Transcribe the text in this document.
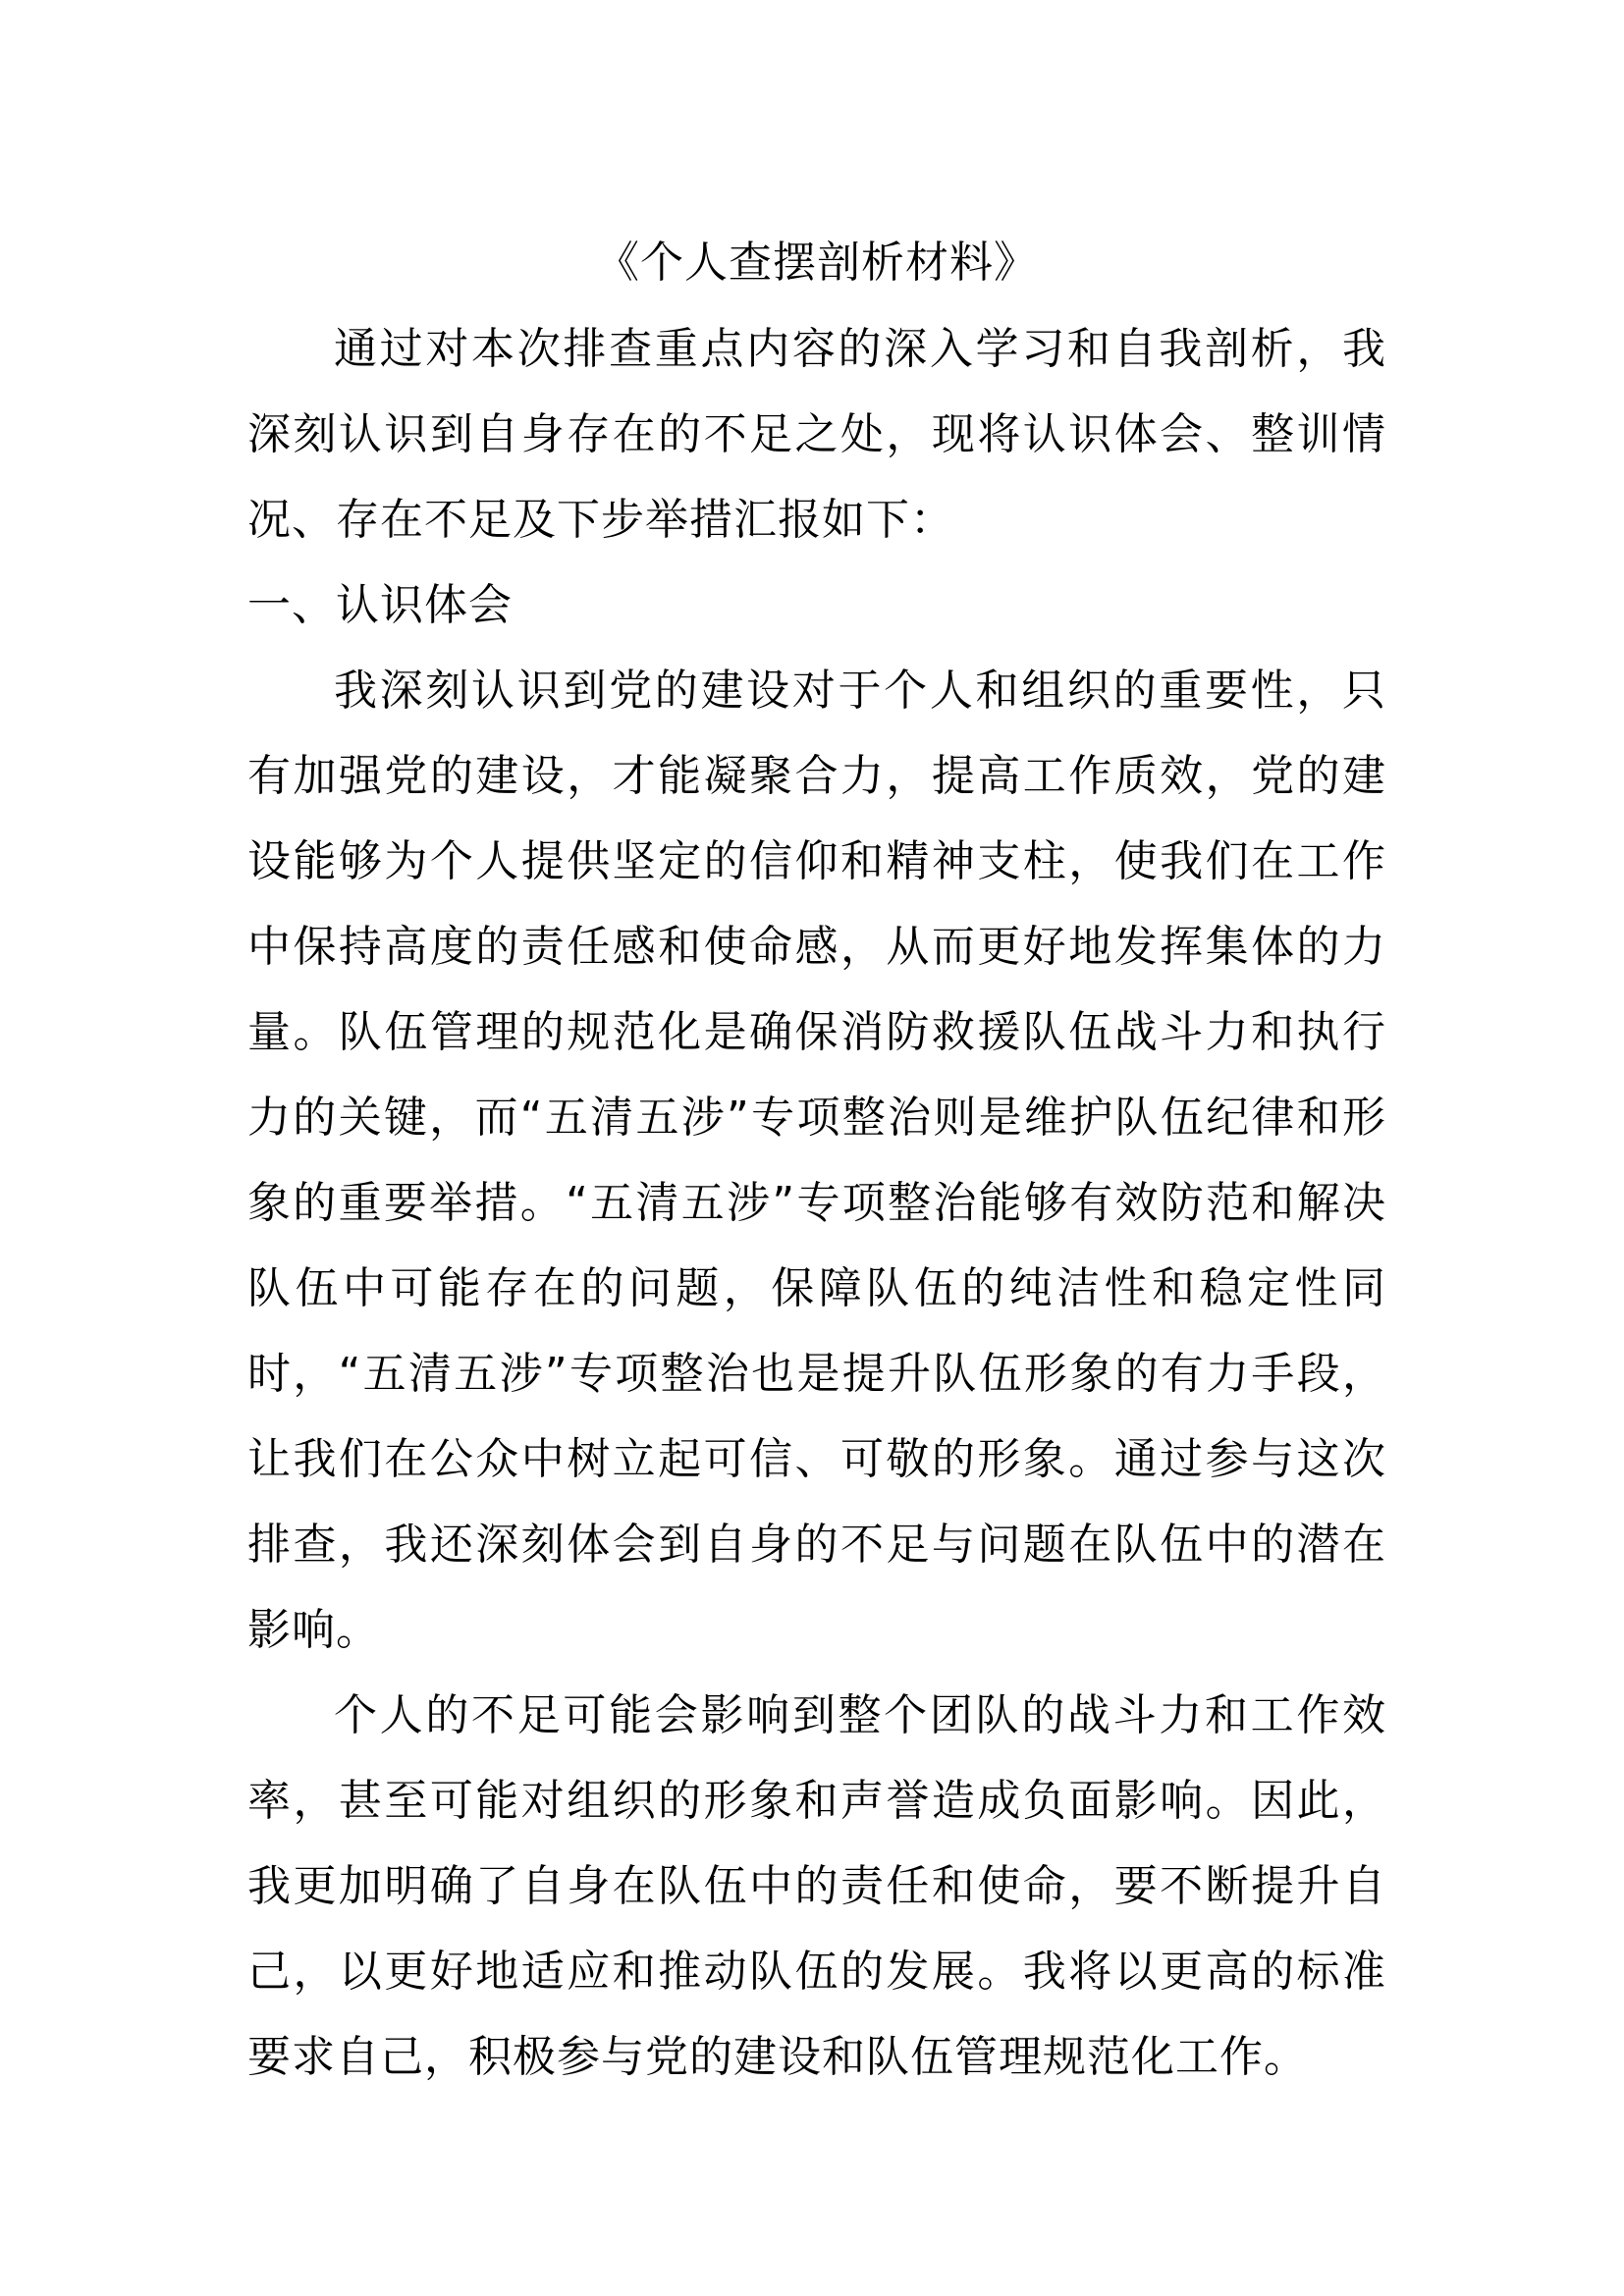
《个人查摆剖析材料》

通过对本次排查重点内容的深入学习和自我剖析，我深刻认识到自身存在的不足之处，现将认识体会、整训情况、存在不足及下步举措汇报如下：

一、认识体会

我深刻认识到党的建设对于个人和组织的重要性，只有加强党的建设，才能凝聚合力，提高工作质效，党的建设能够为个人提供坚定的信仰和精神支柱，使我们在工作中保持高度的责任感和使命感，从而更好地发挥集体的力量。队伍管理的规范化是确保消防救援队伍战斗力和执行力的关键，而“五清五涉”专项整治则是维护队伍纪律和形象的重要举措。“五清五涉”专项整治能够有效防范和解决队伍中可能存在的问题，保障队伍的纯洁性和稳定性同时，“五清五涉”专项整治也是提升队伍形象的有力手段，让我们在公众中树立起可信、可敬的形象。通过参与这次排查，我还深刻体会到自身的不足与问题在队伍中的潜在影响。

个人的不足可能会影响到整个团队的战斗力和工作效率，甚至可能对组织的形象和声誉造成负面影响。因此，我更加明确了自身在队伍中的责任和使命，要不断提升自己，以更好地适应和推动队伍的发展。我将以更高的标准要求自己，积极参与党的建设和队伍管理规范化工作。
